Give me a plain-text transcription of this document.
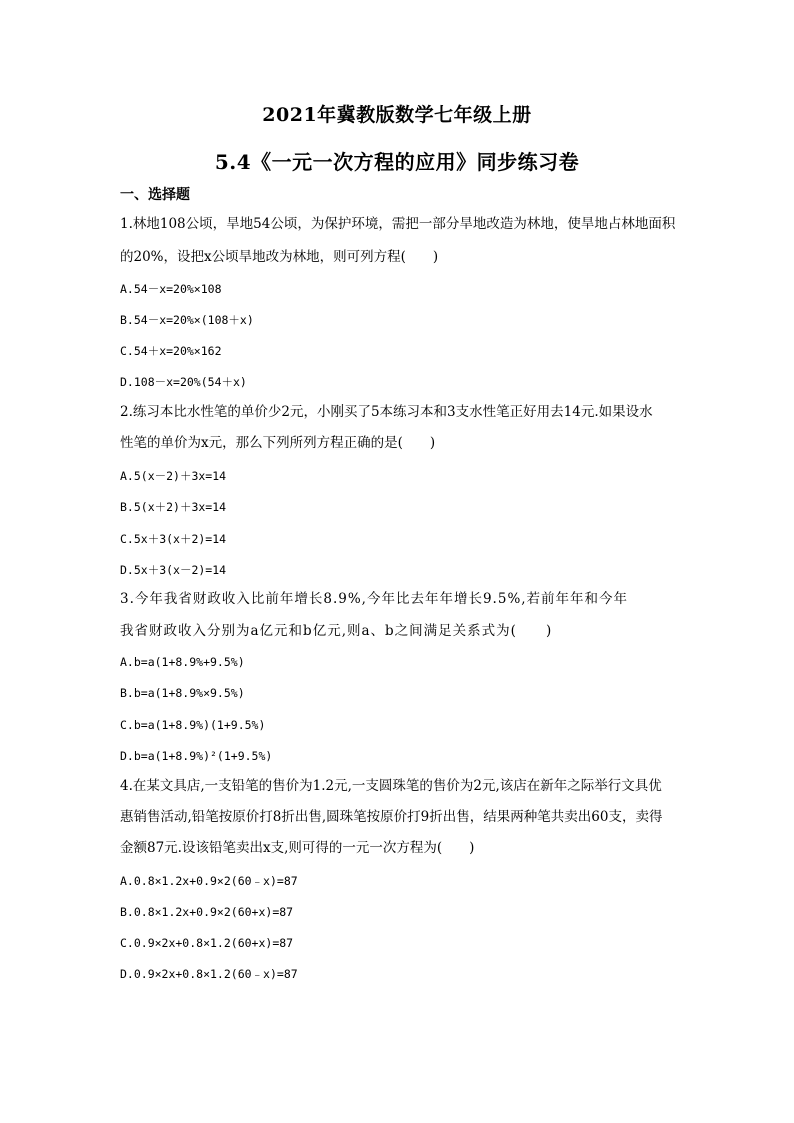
2021年冀教版数学七年级上册
5.4《一元一次方程的应用》同步练习卷
一、选择题
1.林地108公顷，旱地54公顷，为保护环境，需把一部分旱地改造为林地，使旱地占林地面积
的20%，设把x公顷旱地改为林地，则可列方程(　　)
A.54－x=20%×108
B.54－x=20%×(108＋x)
C.54＋x=20%×162
D.108－x=20%(54＋x)
2.练习本比水性笔的单价少2元，小刚买了5本练习本和3支水性笔正好用去14元.如果设水
性笔的单价为x元，那么下列所列方程正确的是(　　)
A.5(x－2)＋3x=14
B.5(x＋2)＋3x=14
C.5x＋3(x＋2)=14
D.5x＋3(x－2)=14
3.今年我省财政收入比前年增长8.9%,今年比去年年增长9.5%,若前年年和今年
我省财政收入分别为a亿元和b亿元,则a、b之间满足关系式为(　　)
A.b=a(1+8.9%+9.5%)
B.b=a(1+8.9%×9.5%)
C.b=a(1+8.9%)(1+9.5%)
D.b=a(1+8.9%)²(1+9.5%)
4.在某文具店,一支铅笔的售价为1.2元,一支圆珠笔的售价为2元,该店在新年之际举行文具优
惠销售活动,铅笔按原价打8折出售,圆珠笔按原价打9折出售，结果两种笔共卖出60支，卖得
金额87元.设该铅笔卖出x支,则可得的一元一次方程为(　　)
A.0.8×1.2x+0.9×2(60﹣x)=87
B.0.8×1.2x+0.9×2(60+x)=87
C.0.9×2x+0.8×1.2(60+x)=87
D.0.9×2x+0.8×1.2(60﹣x)=87
